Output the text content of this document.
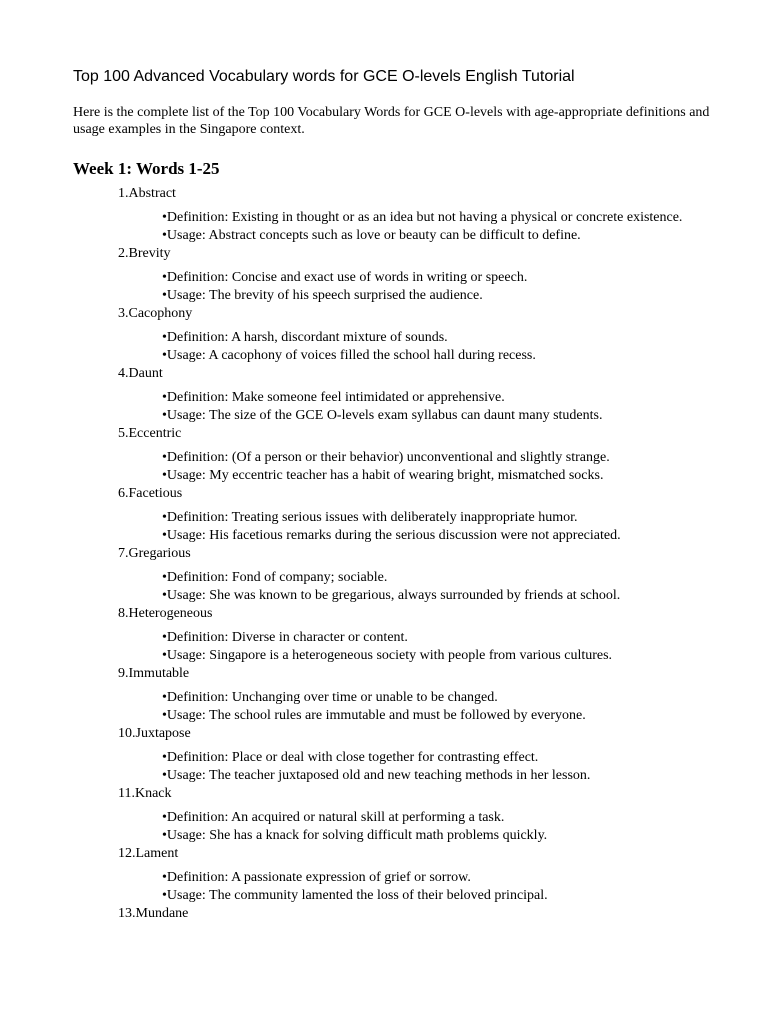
Top 100 Advanced Vocabulary words for GCE O-levels English Tutorial
Here is the complete list of the Top 100 Vocabulary Words for GCE O-levels with age-appropriate definitions and usage examples in the Singapore context.
Week 1: Words 1-25
1.Abstract
•Definition: Existing in thought or as an idea but not having a physical or concrete existence.
•Usage: Abstract concepts such as love or beauty can be difficult to define.
2.Brevity
•Definition: Concise and exact use of words in writing or speech.
•Usage: The brevity of his speech surprised the audience.
3.Cacophony
•Definition: A harsh, discordant mixture of sounds.
•Usage: A cacophony of voices filled the school hall during recess.
4.Daunt
•Definition: Make someone feel intimidated or apprehensive.
•Usage: The size of the GCE O-levels exam syllabus can daunt many students.
5.Eccentric
•Definition: (Of a person or their behavior) unconventional and slightly strange.
•Usage: My eccentric teacher has a habit of wearing bright, mismatched socks.
6.Facetious
•Definition: Treating serious issues with deliberately inappropriate humor.
•Usage: His facetious remarks during the serious discussion were not appreciated.
7.Gregarious
•Definition: Fond of company; sociable.
•Usage: She was known to be gregarious, always surrounded by friends at school.
8.Heterogeneous
•Definition: Diverse in character or content.
•Usage: Singapore is a heterogeneous society with people from various cultures.
9.Immutable
•Definition: Unchanging over time or unable to be changed.
•Usage: The school rules are immutable and must be followed by everyone.
10.Juxtapose
•Definition: Place or deal with close together for contrasting effect.
•Usage: The teacher juxtaposed old and new teaching methods in her lesson.
11.Knack
•Definition: An acquired or natural skill at performing a task.
•Usage: She has a knack for solving difficult math problems quickly.
12.Lament
•Definition: A passionate expression of grief or sorrow.
•Usage: The community lamented the loss of their beloved principal.
13.Mundane
